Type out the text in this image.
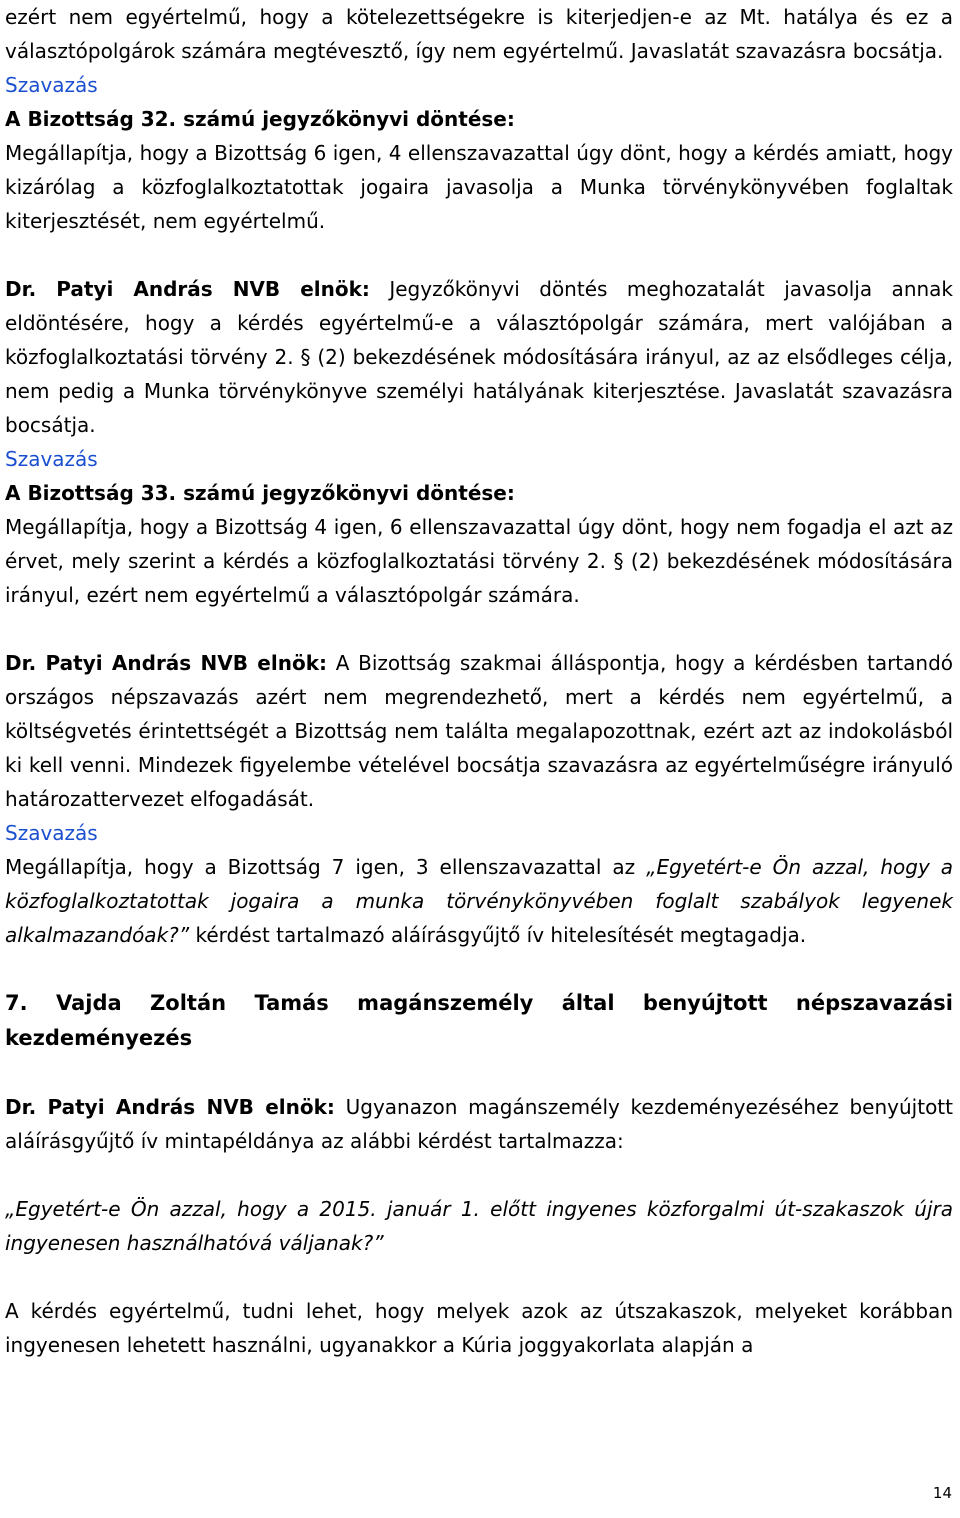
ezért nem egyértelmű, hogy a kötelezettségekre is kiterjedjen-e az Mt. hatálya és ez a választópolgárok számára megtévesztő, így nem egyértelmű. Javaslatát szavazásra bocsátja.

Szavazás

A Bizottság 32. számú jegyzőkönyvi döntése:

Megállapítja, hogy a Bizottság 6 igen, 4 ellenszavazattal úgy dönt, hogy a kérdés amiatt, hogy kizárólag a közfoglalkoztatottak jogaira javasolja a Munka törvénykönyvében foglaltak kiterjesztését, nem egyértelmű.

Dr. Patyi András NVB elnök: Jegyzőkönyvi döntés meghozatalát javasolja annak eldöntésére, hogy a kérdés egyértelmű-e a választópolgár számára, mert valójában a közfoglalkoztatási törvény 2. § (2) bekezdésének módosítására irányul, az az elsődleges célja, nem pedig a Munka törvénykönyve személyi hatályának kiterjesztése. Javaslatát szavazásra bocsátja.

Szavazás

A Bizottság 33. számú jegyzőkönyvi döntése:

Megállapítja, hogy a Bizottság 4 igen, 6 ellenszavazattal úgy dönt, hogy nem fogadja el azt az érvet, mely szerint a kérdés a közfoglalkoztatási törvény 2. § (2) bekezdésének módosítására irányul, ezért nem egyértelmű a választópolgár számára.

Dr. Patyi András NVB elnök: A Bizottság szakmai álláspontja, hogy a kérdésben tartandó országos népszavazás azért nem megrendezhető, mert a kérdés nem egyértelmű, a költségvetés érintettségét a Bizottság nem találta megalapozottnak, ezért azt az indokolásból ki kell venni. Mindezek figyelembe vételével bocsátja szavazásra az egyértelműségre irányuló határozattervezet elfogadását.

Szavazás

Megállapítja, hogy a Bizottság 7 igen, 3 ellenszavazattal az „Egyetért-e Ön azzal, hogy a közfoglalkoztatottak jogaira a munka törvénykönyvében foglalt szabályok legyenek alkalmazandóak?” kérdést tartalmazó aláírásgyűjtő ív hitelesítését megtagadja.

7. Vajda Zoltán Tamás magánszemély által benyújtott népszavazási kezdeményezés

Dr. Patyi András NVB elnök: Ugyanazon magánszemély kezdeményezéséhez benyújtott aláírásgyűjtő ív mintapéldánya az alábbi kérdést tartalmazza:

„Egyetért-e Ön azzal, hogy a 2015. január 1. előtt ingyenes közforgalmi út-szakaszok újra ingyenesen használhatóvá váljanak?”

A kérdés egyértelmű, tudni lehet, hogy melyek azok az útszakaszok, melyeket korábban ingyenesen lehetett használni, ugyanakkor a Kúria joggyakorlata alapján a

14
